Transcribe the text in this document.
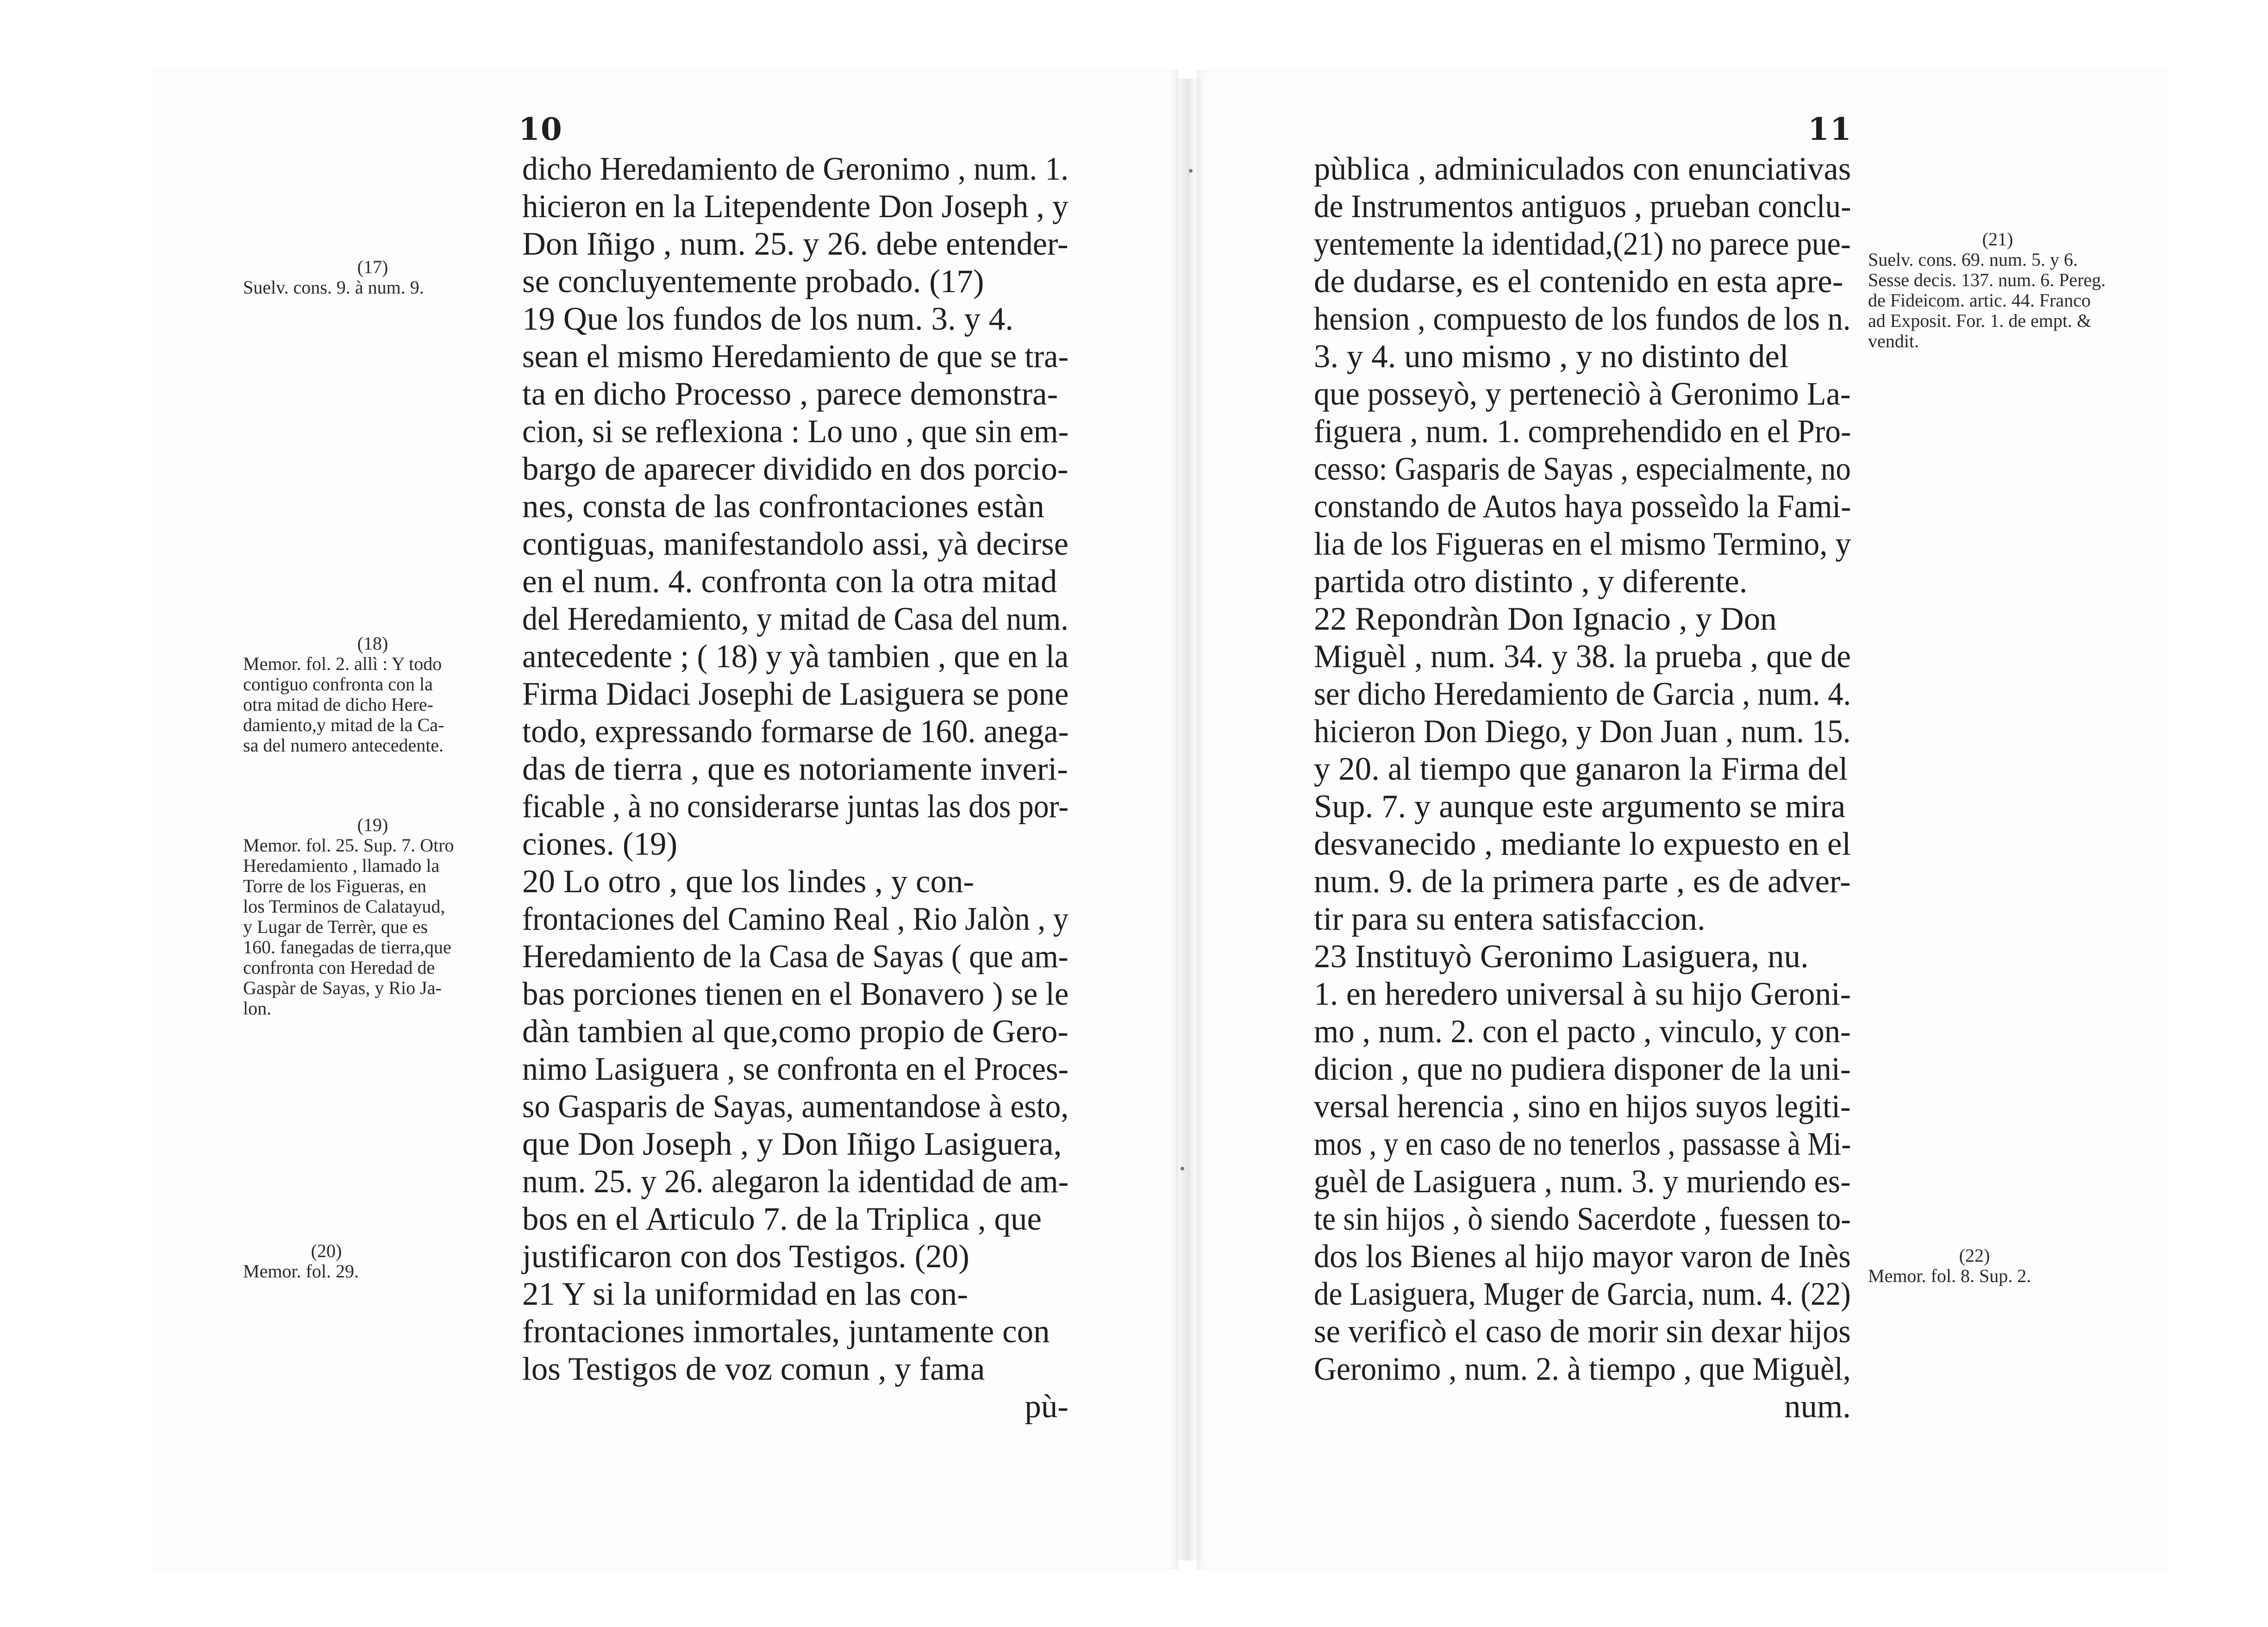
10	11
dicho Heredamiento de Geronimo , num. 1.
hicieron en la Litependente Don Joseph , y
Don Iñigo , num. 25. y 26. debe entender-
se concluyentemente probado. (17)
19 Que los fundos de los num. 3. y 4.
sean el mismo Heredamiento de que se tra-
ta en dicho Processo , parece demonstra-
cion, si se reflexiona : Lo uno , que sin em-
bargo de aparecer dividido en dos porcio-
nes, consta de las confrontaciones estàn
contiguas, manifestandolo assi, yà decirse
en el num. 4. confronta con la otra mitad
del Heredamiento, y mitad de Casa del num.
antecedente ; ( 18) y yà tambien , que en la
Firma Didaci Josephi de Lasiguera se pone
todo, expressando formarse de 160. anega-
das de tierra , que es notoriamente inveri-
ficable , à no considerarse juntas las dos por-
ciones. (19)
20 Lo otro , que los lindes , y con-
frontaciones del Camino Real , Rio Jalòn , y
Heredamiento de la Casa de Sayas ( que am-
bas porciones tienen en el Bonavero ) se le
dàn tambien al que,como propio de Gero-
nimo Lasiguera , se confronta en el Proces-
so Gasparis de Sayas, aumentandose à esto,
que Don Joseph , y Don Iñigo Lasiguera,
num. 25. y 26. alegaron la identidad de am-
bos en el Articulo 7. de la Triplica , que
justificaron con dos Testigos. (20)
21 Y si la uniformidad en las con-
frontaciones inmortales, juntamente con
los Testigos de voz comun , y fama
pù-
(17)
Suelv. cons. 9. à num. 9.
(18)
Memor. fol. 2. allì : Y todo
contiguo confronta con la
otra mitad de dicho Here-
damiento,y mitad de la Ca-
sa del numero antecedente.
(19)
Memor. fol. 25. Sup. 7. Otro
Heredamiento , llamado la
Torre de los Figueras, en
los Terminos de Calatayud,
y Lugar de Terrèr, que es
160. fanegadas de tierra,que
confronta con Heredad de
Gaspàr de Sayas, y Rio Ja-
lon.
(20)
Memor. fol. 29.
pùblica , adminiculados con enunciativas
de Instrumentos antiguos , prueban conclu-
yentemente la identidad,(21) no parece pue-
de dudarse, es el contenido en esta apre-
hension , compuesto de los fundos de los n.
3. y 4. uno mismo , y no distinto del
que posseyò, y perteneciò à Geronimo La-
figuera , num. 1. comprehendido en el Pro-
cesso: Gasparis de Sayas , especialmente, no
constando de Autos haya posseìdo la Fami-
lia de los Figueras en el mismo Termino, y
partida otro distinto , y diferente.
22 Repondràn Don Ignacio , y Don
Miguèl , num. 34. y 38. la prueba , que de
ser dicho Heredamiento de Garcia , num. 4.
hicieron Don Diego, y Don Juan , num. 15.
y 20. al tiempo que ganaron la Firma del
Sup. 7. y aunque este argumento se mira
desvanecido , mediante lo expuesto en el
num. 9. de la primera parte , es de adver-
tir para su entera satisfaccion.
23 Instituyò Geronimo Lasiguera, nu.
1. en heredero universal à su hijo Geroni-
mo , num. 2. con el pacto , vinculo, y con-
dicion , que no pudiera disponer de la uni-
versal herencia , sino en hijos suyos legiti-
mos , y en caso de no tenerlos , passasse à Mi-
guèl de Lasiguera , num. 3. y muriendo es-
te sin hijos , ò siendo Sacerdote , fuessen to-
dos los Bienes al hijo mayor varon de Inès
de Lasiguera, Muger de Garcia, num. 4. (22)
se verificò el caso de morir sin dexar hijos
Geronimo , num. 2. à tiempo , que Miguèl,
num.
(21)
Suelv. cons. 69. num. 5. y 6.
Sesse decis. 137. num. 6. Pereg.
de Fideicom. artic. 44. Franco
ad Exposit. For. 1. de empt. &
vendit.
(22)
Memor. fol. 8. Sup. 2.
